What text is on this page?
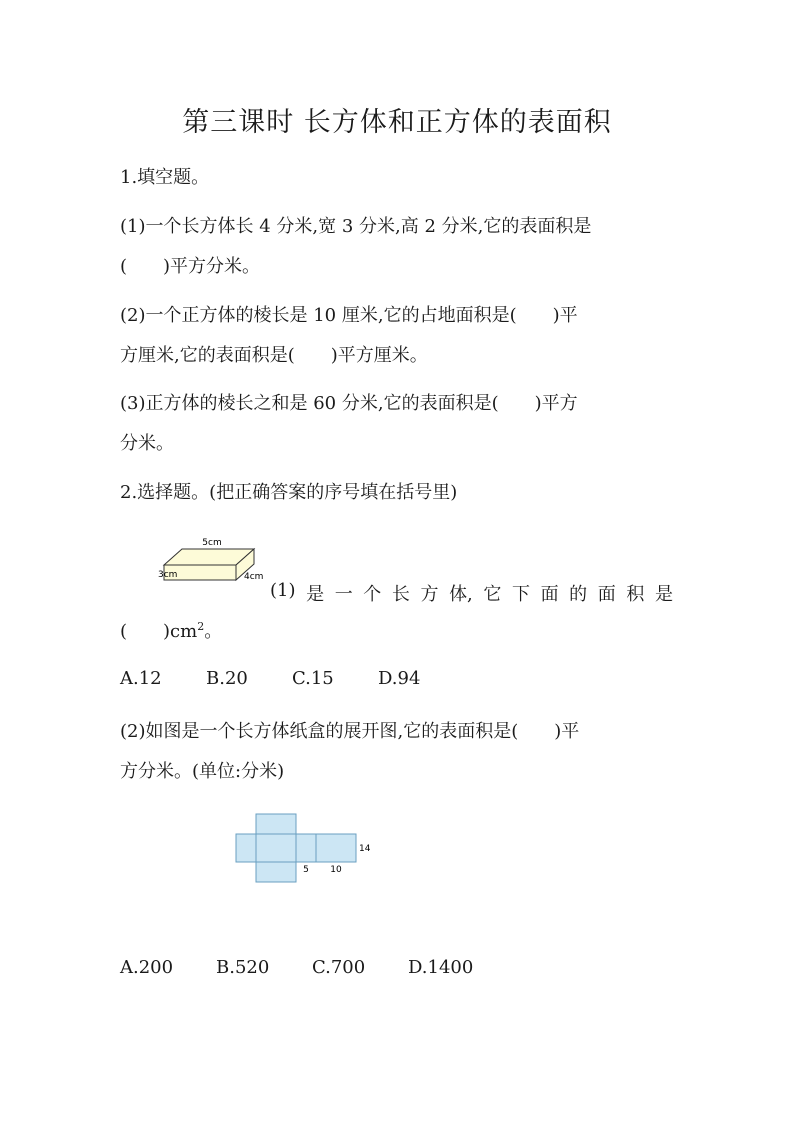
第三课时 长方体和正方体的表面积
1.填空题。
(1)一个长方体长 4 分米,宽 3 分米,高 2 分米,它的表面积是
(　　)平方分米。
(2)一个正方体的棱长是 10 厘米,它的占地面积是(　　)平
方厘米,它的表面积是(　　)平方厘米。
(3)正方体的棱长之和是 60 分米,它的表面积是(　　)平方
分米。
2.选择题。(把正确答案的序号填在括号里)
5cm
3cm	4cm
(1) 是 一 个 长 方 体, 它 下 面 的 面 积 是
(　　)$cm^2$。
A.12 B.20 C.15 D.94
(2)如图是一个长方体纸盒的展开图,它的表面积是(　　)平
方分米。(单位:分米)
5 10
14
A.200 B.520 C.700 D.1400
